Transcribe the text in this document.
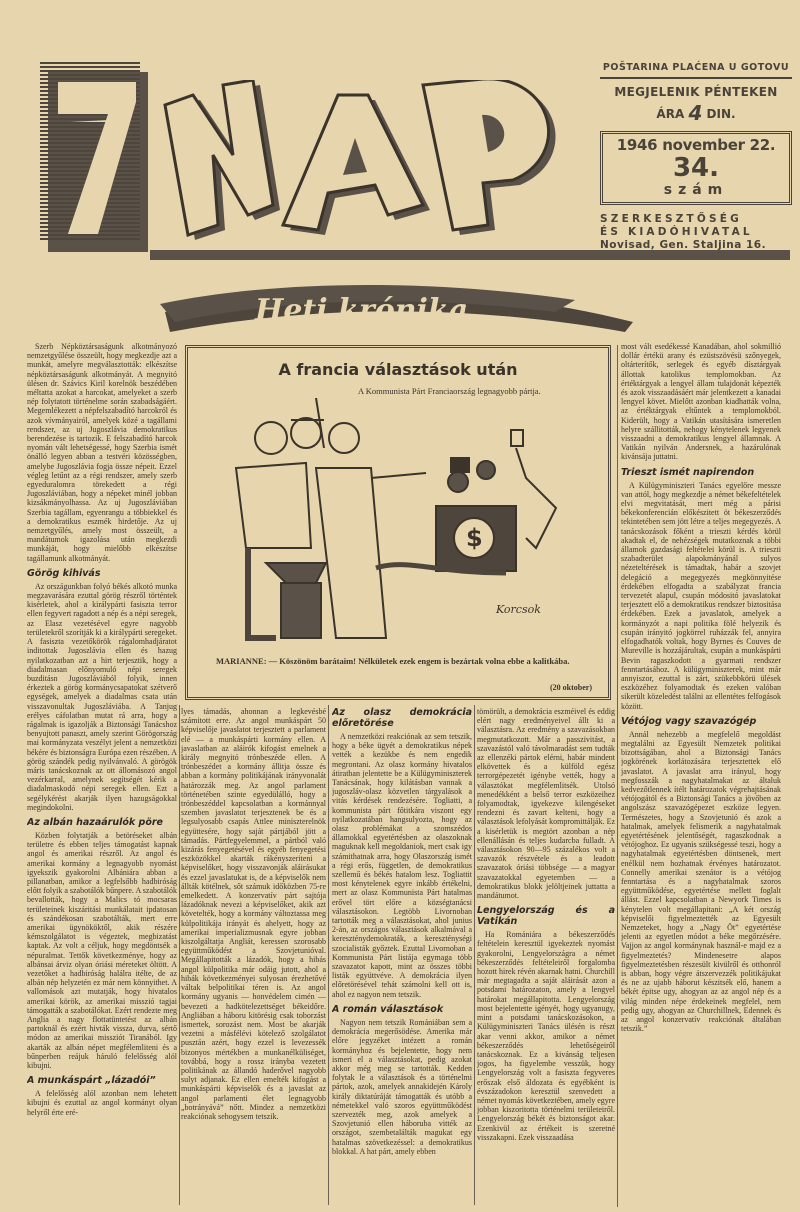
POŠTARINA PLAĆENA U GOTOVU
MEGJELENIK PÉNTEKEN
ÁRA 4 DIN.
1946 november 22.
34.
szám
SZERKESZTŐSÉG
ÉS KIADÓHIVATAL
Novisad, Gen. Staljina 16.
Heti krónika

Szerb Népköztársaságunk alkotmányozó nemzetgyűlése összeült, hogy megkezdje azt a munkát, amelyre megválasztották: elkészítse népköztársaságunk alkotmányát. A megnyitó ülésen dr. Szávics Kiril korelnök beszédében méltatta azokat a harcokat, amelyeket a szerb nép folytatott történelme során szabadságáért. Megemlékezett a népfelszabadító harcokról és azok vívmányairól, amelyek közé a tagállami rendszer, az uj Jugoszlávia demokratikus berendezése is tartozik. E felszabadító harcok nyomán vált lehetségessé, hogy Szerbia ismét önálló legyen abban a testvéri közösségben, amelybe Jugoszlávia fogja össze népeit. Ezzel végleg letűnt az a régi rendszer, amely szerb egyeduralomra törekedett a régi Jugoszláviában, hogy a népeket minél jobban kizsákmányolhassa. Az uj Jugoszláviában Szerbia tagállam, egyenrangu a többiekkel és a demokratikus eszmék hirdetője. Az uj nemzetgyűlés, amely most összeült, a mandátumok igazolása után megkezdi munkáját, hogy mielőbb elkészítse tagállamunk alkotmányát.

Görög kihivás

Az országunkban folyó békés alkotó munka megzavarására ezuttal görög részről történtek kisérletek, ahol a királypárti fasiszta terror ellen fegyvert ragadott a nép és a népi seregek, az Elasz vezetésével egyre nagyobb területekről szorítják ki a királypárti seregeket. A fasiszta vezetőkörök rágalomhadjáratot inditottak Jugoszlávia ellen és hazug nyilatkozatban azt a hirt terjesztik, hogy a diadalmasan előnyomuló népi seregek buzditásn Jugoszláviából folyik, innen érkeztek a görög kormánycsapatokat szétverő egységek, amelyek a diadalmas csata után visszavonultak Jugoszláviába. A Tanjug erélyes cáfolatban mutat rá arra, hogy a rágalmak is igazolják a Biztonsági Tanácshoz benyujtott panaszt, amely szerint Görögország mai kormányzata veszélyt jelent a nemzetközi békére és biztonságra Európa ezen részében. A görög szándék pedig nyilvánvaló. A görögök máris tanácskoznak az ott állomásozó angol vezérkarral, amelynek segítségét kérik a diadalmaskodó népi seregek ellen. Ezt a segélykérést akarják ilyen hazugságokkal megindokolni.

Az albán hazaárulók pöre

Közben folytatják a betöréseket albán területre és ebben teljes támogatást kapnak angol és amerikai részről. Az angol és amerikai kormány a legnagyobb nyomást igyekszik gyakorolni Albániára abban a pillanatban, amikor a legfelsőbb hadbiróság előtt folyik a szabotálók bűnpere. A szabotálók bevallották, hogy a Malics tó mocsaras területeinek kiszáritási munkálatait ipdatosan és szándékosan szabotálták, mert erre amerikai ügynököktől, akik részére kémszolgálatot is végeztek, megbizatást kaptak. Az volt a céljuk, hogy megdöntsék a népuralmat. Tettők következménye, hogy az albánsai árviz olyan óriási méreteket öltött. A vezetőket a hadbiróság halálra itélte, de az albán nép helyzetén ez már nem könnyithet. A vallomások azt mutatják, hogy hivatalos amerikai körök, az amerikai misszió tagjai támogatták a szabotálókat. Ezért rendezte meg Anglia a nagy flottatüntetést az albán partoknál és ezért hivták vissza, durva, sértő módon az amerikai missziót Tiranából. Igy akarták az albán népet megfélemliteni és a bűnperben reájuk háruló felelősség alól kibujni.

A munkáspárt „lázadói”

A felelősség alól azonban nem lehetett kibujni és ezuttal az angol kormányt olyan helyről érte eré-

A francia választások után
A Kommunista Párt Franciaország legnagyobb pártja.
$
Korcsok
MARIANNE: — Köszönöm barátaim! Nélkületek ezek engem is bezártak volna ebbe a kalitkába.
(20 oktober)

lyes támadás, ahonnan a legkevésbé számitott erre. Az angol munkáspárt 50 képviselője javaslatot terjesztett a parlament elé — a munkáspárti kormány ellen. A javaslatban az aláirók kifogást emelnek a király megnyitó trónbeszéde ellen. A trónbeszédet a kormány állitja össze és abban a kormány politikájának irányvonalát határozzák meg. Az angol parlament történetében szinte egyedülálló, hogy a trónbeszéddel kapcsolatban a kormánnyal szemben javaslatot terjesztenek be és a legsulyosabb csapás Attlee miniszterelnök együttesére, hogy saját pártjából jött a támadás. Pártfegyelemmel, a pártból való kizárás fenyegetésével és egyéb fenyegetési eszközökkel akarták rákényszeriteni a képviselőket, hogy visszavonják aláirásukat és ezzel javaslatukat is, de a képviselők nem állták kötélnek, sőt számuk időközben 75-re emelkedett. A konzervatív párt sajtója lázadóknak nevezi a képviselőket, akik azt követelték, hogy a kormány változtassa meg külpolitikája irányát és ahelyett, hogy az amerikai imperializmusnak egyre jobban kiszolgáltatja Angliát, keressen szorosabb együttműködést a Szovjetunióval. Megállapitották a lázadók, hogy a hibás angol külpolitika már odáig jutott, ahol a hibák következményei sulyosan érezhetővé váltak belpolitikai téren is. Az angol kormány ugyanis — honvédelem cimén — bevezeti a hadkötelezettséget békeidőre. Angliában a háboru kitörésig csak toborzást ismertek, sorozást nem. Most be akarják vezetni a másfélévi kötelező szolgálatot pusztán azért, hogy ezzel is levezessék bizonyos mértékben a munkanélküliséget, továbbá, hogy a rossz irányba vezetett politikának az állandó haderővel nagyobb sulyt adjanak. Ez ellen emelték kifogást a munkáspárti képviselők és a javaslat az angol parlamenti élet legnagyobb „botrányává” nőtt. Mindez a nemzetközi reakciónak sehogysem tetszik.

Az olasz demokrácia előretörése

A nemzetközi reakciónak az sem tetszik, hogy a béke ügyét a demokratikus népek vették a kezükbe és nem engedik megrontani. Az olasz kormány hivatalos átiratban jelentette be a Külügyminiszterek Tanácsának, hogy kilátásban vannak a jugoszláv-olasz közvetlen tárgyalások a vitás kérdések rendezésére. Togliatti, a kommunista párt főtitkára viszont egy nyilatkozatában hangsulyozta, hogy az olasz problémákat a szomszédos államokkal egyetértésben az olaszoknak maguknak kell megoldaniok, mert csak igy számithatnak arra, hogy Olaszország ismét a régi erős, független, de demokratikus szellemű és békés hatalom lesz. Togliattit most kénytelenek egyre inkább értékelni, mert az olasz Kommunista Párt hatalmas erővel tört előre a községtanácsi választásokon. Legtöbb Livornoban tartották meg a választásokat, ahol junius 2-án, az országos választások alkalmával a kereszténydemokraták, a kereszténységi szocialisták győztek. Ezuttal Livornoban a Kommunista Párt listája egymaga több szavazatot kapott, mint az összes többi listák együttvéve. A demokrácia ilyen előretörésével tehát számolni kell ott is, ahol ez nagyon nem tetszik.

A román választások

Nagyon nem tetszik Romániában sem a demokrácia megerősödése. Amerika már előre jegyzéket intézett a román kormányhoz és bejelentette, hogy nem ismeri el a választásokat, pedig azokat akkor még meg se tartották. Kedden folytak le a választások és a történelmi pártok, azok, amelyek annakidején Károly király diktatúráját támogatták és utóbb a németekkel való szoros együttműködést szervezték meg, azok amelyek a Szovjetunió ellen háboruba vitték az országot, szembetalálták magukat egy hatalmas szövetkezéssel: a demokratikus blokkal. A hat párt, amely ebben

tömörült, a demokrácia eszméivel és eddig elért nagy eredményeivel állt ki a választásra. Az eredmény a szavazásokban megmutatkozott. Már a passzivitást, a szavazástól való távolmaradást sem tudták az ellenzéki pártok elérni, habár mindent elkövettek és a külföld egész terrorgépezetét igénybe vették, hogy a választókat megfélemlitsék. Utolsó menedékként a belső terror eszközeihez folyamodtak, igyekezve kilengéseket rendezni és zavart kelteni, hogy a választások lefolyását kompromittálják. Ez a kisérletük is megtört azonban a nép ellenállásán és teljes kudarcba fulladt. A választásokon 90—95 százalékos volt a szavazók részvétele és a leadott szavazatok óriási többsége — a magyar szavazatokkal egyetemben — a demokratikus blokk jelöltjeinek juttatta a mandátumot.

Lengyelország és a Vatikán

Ha Romániára a békeszerződés feltételein keresztül igyekeztek nyomást gyakorolni, Lengyelországra a német békeszerződés feltételeiről forgalomba hozott hirek révén akarnak hatni. Churchill már megtagadta a saját aláirását azon a potsdami határozaton, amely a lengyel határokat megállapitotta. Lengyelország most bejelentette igényét, hogy ugyanugy, mint a potsdami tanácskozásokon, a Külügyminiszteri Tanács ülésén is részt akar venni akkor, amikor a német békeszerződés lehetőségeiről tanácskoznak. Ez a kivánság teljesen jogos, ha figyelembe vesszük, hogy Lengyelország volt a fasiszta fegyveres erőszak első áldozata és egyébként is évszázadokon keresztül szenvedett a német nyomás következtében, amely egyre jobban kiszoritotta történelmi területeiről. Lengyelország békét és biztonságot akar. Ezenkivül az értékeit is szeretné visszakapni. Ezek visszaadása

most vált esedékessé Kanadában, ahol sokmillió dollár értékü arany és ezüstszövésü szőnyegek, oltárterítők, serlegek és egyéb dísztárgyak állottak katolikus templomokban. Az értéktárgyak a lengyel állam tulajdonát képezték és azok visszaadásáért már jelentkezett a kanadai lengyel követ. Mielőtt azonban kiadhatták volna, az értéktárgyak eltűntek a templomokból. Kiderült, hogy a Vatikán utasítására ismeretlen helyre szállitották, nehogy kénytelenek legyenek visszaadni a demokratikus lengyel államnak. A Vatikán nyilván Andersnek, a hazárulónak kivánsája juttatni.

Trieszt ismét napirendon

A Külügyminiszteri Tanács egyelőre messze van attól, hogy megkezdje a német békefeltételek elvi megvitatását, mert még a párisi békekonferencián előkészitett öt békeszerződés tekintetében sem jött létre a teljes megegyezés. A tanácskozások főként a trieszti kérdés körül akadtak el, de nehézségek mutatkoznak a többi államok gazdasági feltételei körül is. A trieszti szabadterület alapokmányánál sulyos nézeteltérések is támadtak, habár a szovjet delegáció a megegyezés megkönnyitése érdekében elfogadta a szabályzat francia tervezetét alapul, csupán módositó javaslatokat terjesztett elő a demokratikus rendszer biztositása érdekében. Ezek a javaslatok, amelyek a kormányzót a napi politika fölé helyezik és csupán irányitó jogkörrel ruházzák fel, annyira elfogadhatók voltak, hogy Byrnes és Couves de Mureville is hozzájárultak, csupán a munkáspárti Bevin ragaszkodott a gyarmati rendszer fenntartásához. A külügyminiszterek, mint már annyiszor, ezuttal is zárt, szükebbkörü ülések eszközéhez folyamodtak és ezeken valóban sikerült közeledést találni az ellentétes felfogások között.

Vétójog vagy szavazógép

Annál nehezebb a megfelelő megoldást megtalálni az Egyesült Nemzetek politikai bizottságában, ahol a Biztonsági Tanács jogkörének korlátozására terjesztettek elő javaslatot. A javaslat arra irányul, hogy megfosszák a nagyhatalmakat az általuk kedvezőtlennek ítélt határozatok végrehajtásának vétójogától és a Biztonsági Tanács a jövőben az angolszász szavazógépezet eszköze legyen. Természetes, hogy a Szovjetunió és azok a hatalmak, amelyek felismerik a nagyhatalmak egyetértésének jelentőségét, ragaszkodnak a vétójoghoz. Ez ugyanis szükségessé teszi, hogy a nagyhatalmak egyetértésben döntsenek, mert enélkül nem hozhatnak érvényes határozatot. Connelly amerikai szenátor is a vétójog fenntartása és a nagyhatalmak szoros együttműködése, egyetértése mellett foglalt állást. Ezzel kapcsolatban a Newyork Times is kénytelen volt megállapitani: „A két ország képviselői figyelmeztették az Egyesült Nemzeteket, hogy a „Nagy Öt” egyetértése jelenti az egyetlen módot a béke megőrzésére. Vajjon az angol kormánynak használ-e majd ez a figyelmeztetés? Mindenesetre alapos figyelmeztetésben részesült kivülről és otthonról is abban, hogy végre átszervezzék politikájukat és ne az ujabb háborut készitsék elő, hanem a békét épitse ugy, ahogyan az az angol nép és a világ minden népe érdekeinek megfelel, nem pedig ugy, ahogyan az Churchillnek, Edennek és az angol konzervatív reakciónak általában tetszik.”
